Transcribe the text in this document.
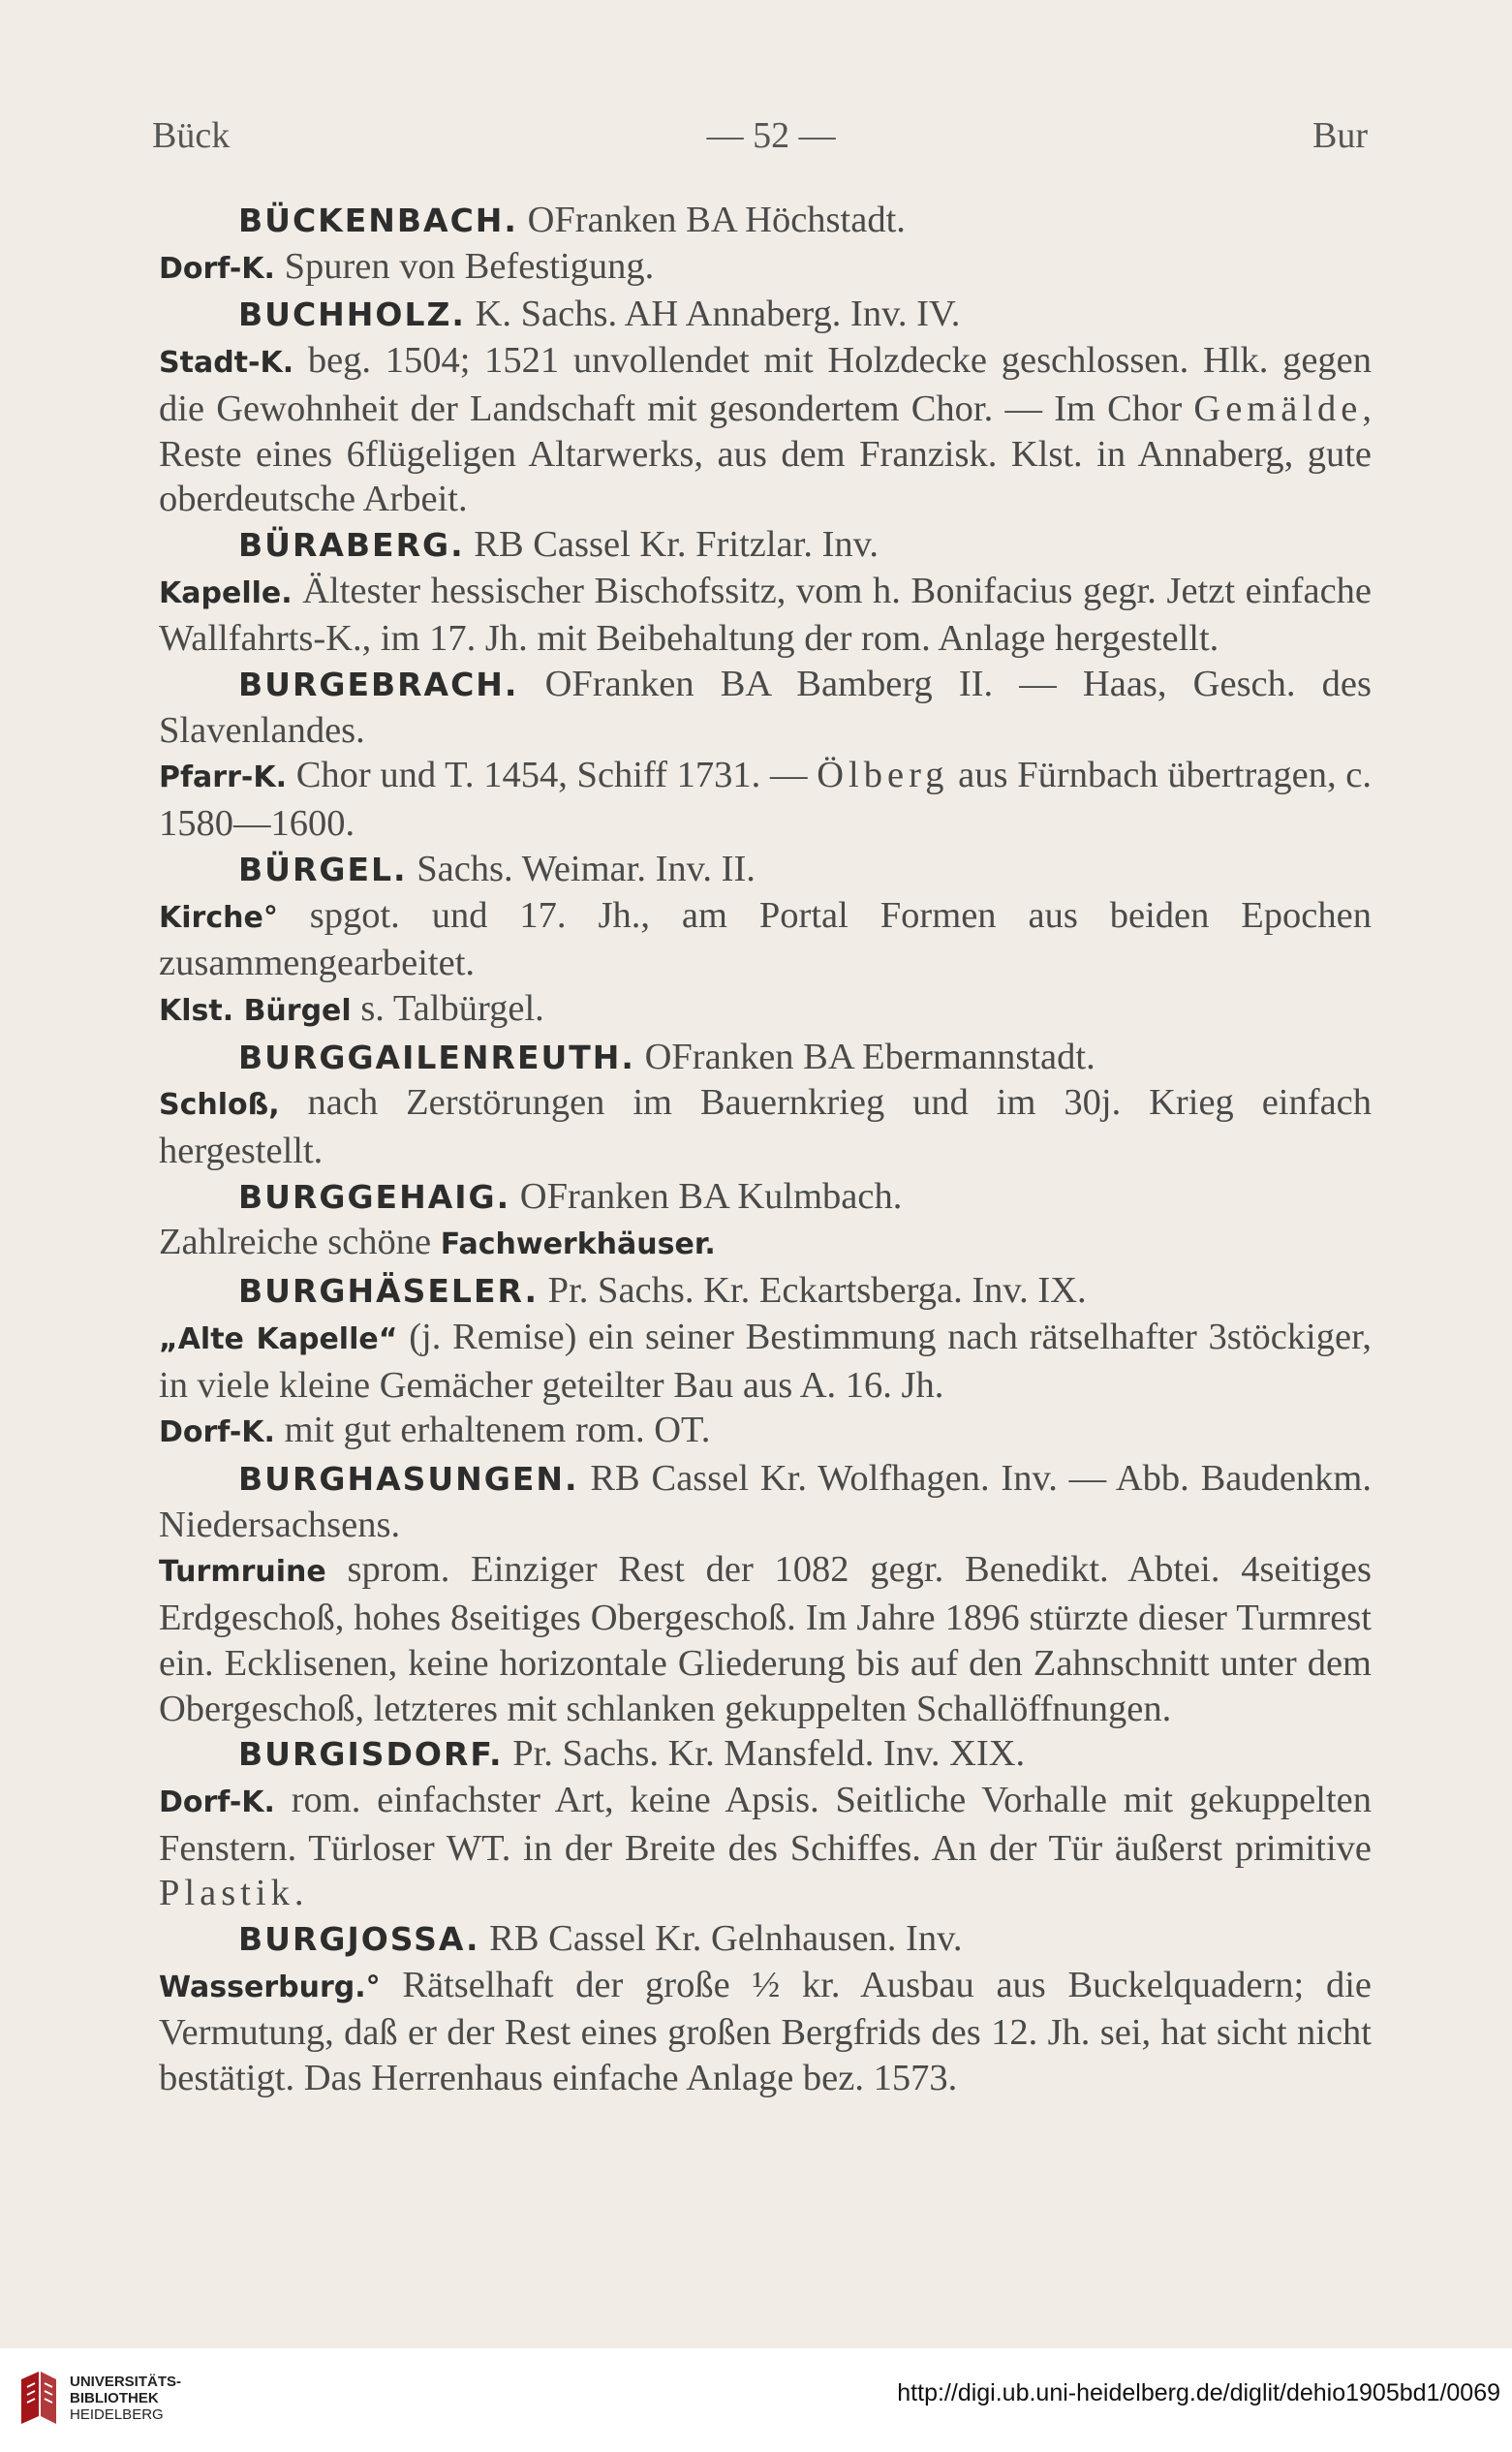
Bück	— 52 —	Bur

BÜCKENBACH. OFranken BA Höchstadt.

Dorf-K. Spuren von Befestigung.

BUCHHOLZ. K. Sachs. AH Annaberg. Inv. IV.

Stadt-K. beg. 1504; 1521 unvollendet mit Holzdecke geschlossen. Hlk. gegen die Gewohnheit der Landschaft mit gesondertem Chor. — Im Chor Gemälde, Reste eines 6flügeligen Altarwerks, aus dem Franzisk. Klst. in Annaberg, gute oberdeutsche Arbeit.

BÜRABERG. RB Cassel Kr. Fritzlar. Inv.

Kapelle. Ältester hessischer Bischofssitz, vom h. Bonifacius gegr. Jetzt einfache Wallfahrts-K., im 17. Jh. mit Beibehaltung der rom. Anlage hergestellt.

BURGEBRACH. OFranken BA Bamberg II. — Haas, Gesch. des Slavenlandes.

Pfarr-K. Chor und T. 1454, Schiff 1731. — Ölberg aus Fürnbach übertragen, c. 1580—1600.

BÜRGEL. Sachs. Weimar. Inv. II.

Kirche° spgot. und 17. Jh., am Portal Formen aus beiden Epochen zusammengearbeitet.

Klst. Bürgel s. Talbürgel.

BURGGAILENREUTH. OFranken BA Ebermannstadt.

Schloß, nach Zerstörungen im Bauernkrieg und im 30j. Krieg einfach hergestellt.

BURGGEHAIG. OFranken BA Kulmbach.

Zahlreiche schöne Fachwerkhäuser.

BURGHÄSELER. Pr. Sachs. Kr. Eckartsberga. Inv. IX.

„Alte Kapelle“ (j. Remise) ein seiner Bestimmung nach rätselhafter 3stöckiger, in viele kleine Gemächer geteilter Bau aus A. 16. Jh.

Dorf-K. mit gut erhaltenem rom. OT.

BURGHASUNGEN. RB Cassel Kr. Wolfhagen. Inv. — Abb. Baudenkm. Niedersachsens.

Turmruine sprom. Einziger Rest der 1082 gegr. Benedikt. Abtei. 4seitiges Erdgeschoß, hohes 8seitiges Obergeschoß. Im Jahre 1896 stürzte dieser Turmrest ein. Ecklisenen, keine horizontale Gliederung bis auf den Zahnschnitt unter dem Obergeschoß, letzteres mit schlanken gekuppelten Schallöffnungen.

BURGISDORF. Pr. Sachs. Kr. Mansfeld. Inv. XIX.

Dorf-K. rom. einfachster Art, keine Apsis. Seitliche Vorhalle mit gekuppelten Fenstern. Türloser WT. in der Breite des Schiffes. An der Tür äußerst primitive Plastik.

BURGJOSSA. RB Cassel Kr. Gelnhausen. Inv.

Wasserburg.° Rätselhaft der große ½ kr. Ausbau aus Buckelquadern; die Vermutung, daß er der Rest eines großen Bergfrids des 12. Jh. sei, hat sicht nicht bestätigt. Das Herrenhaus einfache Anlage bez. 1573.

UNIVERSITÄTS-
BIBLIOTHEK
HEIDELBERG
http://digi.ub.uni-heidelberg.de/diglit/dehio1905bd1/0069
